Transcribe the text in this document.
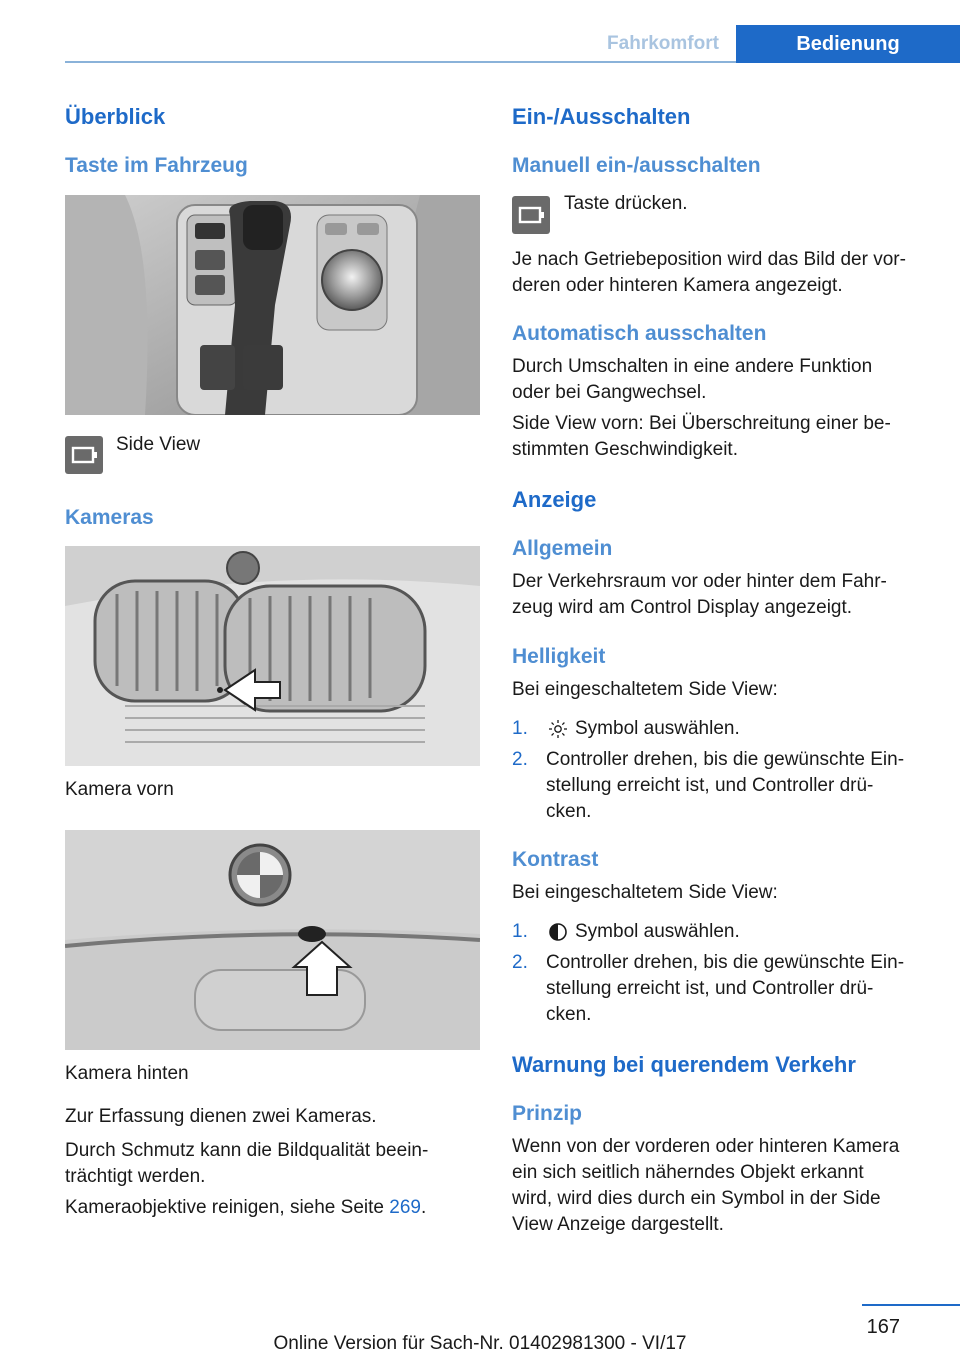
Fahrkomfort	Bedienung
Überblick
Taste im Fahrzeug

Side View

Kameras

Kamera vorn

Kamera hinten

Zur Erfassung dienen zwei Kameras.

Durch Schmutz kann die Bildqualität beein‐

trächtigt werden.

Kameraobjektive reinigen, siehe Seite 269.

Ein-/Ausschalten
Manuell ein-/ausschalten

Taste drücken.

Je nach Getriebeposition wird das Bild der vor‐

deren oder hinteren Kamera angezeigt.

Automatisch ausschalten

Durch Umschalten in eine andere Funktion

oder bei Gangwechsel.

Side View vorn: Bei Überschreitung einer be‐

stimmten Geschwindigkeit.

Anzeige
Allgemein

Der Verkehrsraum vor oder hinter dem Fahr‐

zeug wird am Control Display angezeigt.

Helligkeit

Bei eingeschaltetem Side View:

1. Symbol auswählen.
2. Controller drehen, bis die gewünschte Ein‐
stellung erreicht ist, und Controller drü‐
cken.
Kontrast

Bei eingeschaltetem Side View:

1. Symbol auswählen.
2. Controller drehen, bis die gewünschte Ein‐
stellung erreicht ist, und Controller drü‐
cken.
Warnung bei querendem Verkehr
Prinzip

Wenn von der vorderen oder hinteren Kamera

ein sich seitlich näherndes Objekt erkannt

wird, wird dies durch ein Symbol in der Side

View Anzeige dargestellt.

167
Online Version für Sach-Nr. 01402981300 - VI/17
